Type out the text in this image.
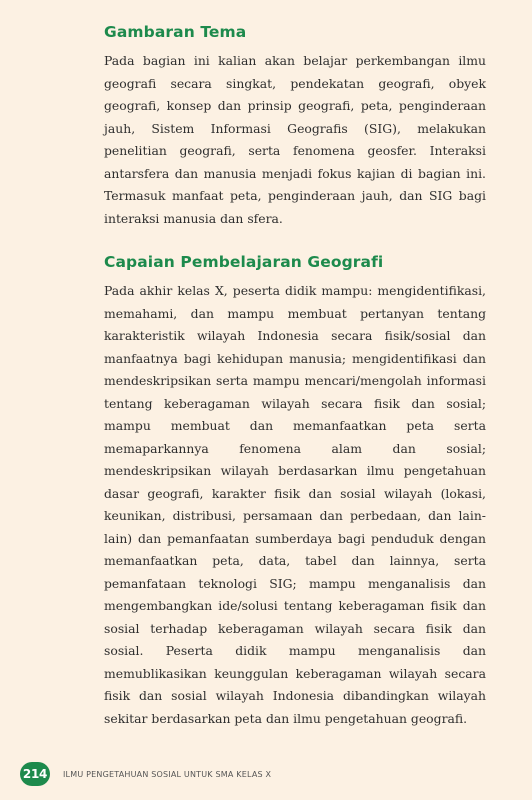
Gambaran Tema

Pada bagian ini kalian akan belajar perkembangan ilmu geografi secara singkat, pendekatan geografi, obyek geografi, konsep dan prinsip geografi, peta, penginderaan jauh, Sistem Informasi Geografis (SIG), melakukan penelitian geografi, serta fenomena geosfer. Interaksi antarsfera dan manusia menjadi fokus kajian di bagian ini. Termasuk manfaat peta, penginderaan jauh, dan SIG bagi interaksi manusia dan sfera.

Capaian Pembelajaran Geografi

Pada akhir kelas X, peserta didik mampu: mengidentifikasi, memahami, dan mampu membuat pertanyan tentang karakteristik wilayah Indonesia secara fisik/sosial dan manfaatnya bagi kehidupan manusia; mengidentifikasi dan mendeskripsikan serta mampu mencari/mengolah informasi tentang keberagaman wilayah secara fisik dan sosial; mampu membuat dan memanfaatkan peta serta memaparkannya fenomena alam dan sosial; mendeskripsikan wilayah berdasarkan ilmu pengetahuan dasar geografi, karakter fisik dan sosial wilayah (lokasi, keunikan, distribusi, persamaan dan perbedaan, dan lain-lain) dan pemanfaatan sumberdaya bagi penduduk dengan memanfaatkan peta, data, tabel dan lainnya, serta pemanfataan teknologi SIG; mampu menganalisis dan mengembangkan ide/solusi tentang keberagaman fisik dan sosial terhadap keberagaman wilayah secara fisik dan sosial. Peserta didik mampu menganalisis dan memublikasikan keunggulan keberagaman wilayah secara fisik dan sosial wilayah Indonesia dibandingkan wilayah sekitar berdasarkan peta dan ilmu pengetahuan geografi.

214	ILMU PENGETAHUAN SOSIAL UNTUK SMA KELAS X
